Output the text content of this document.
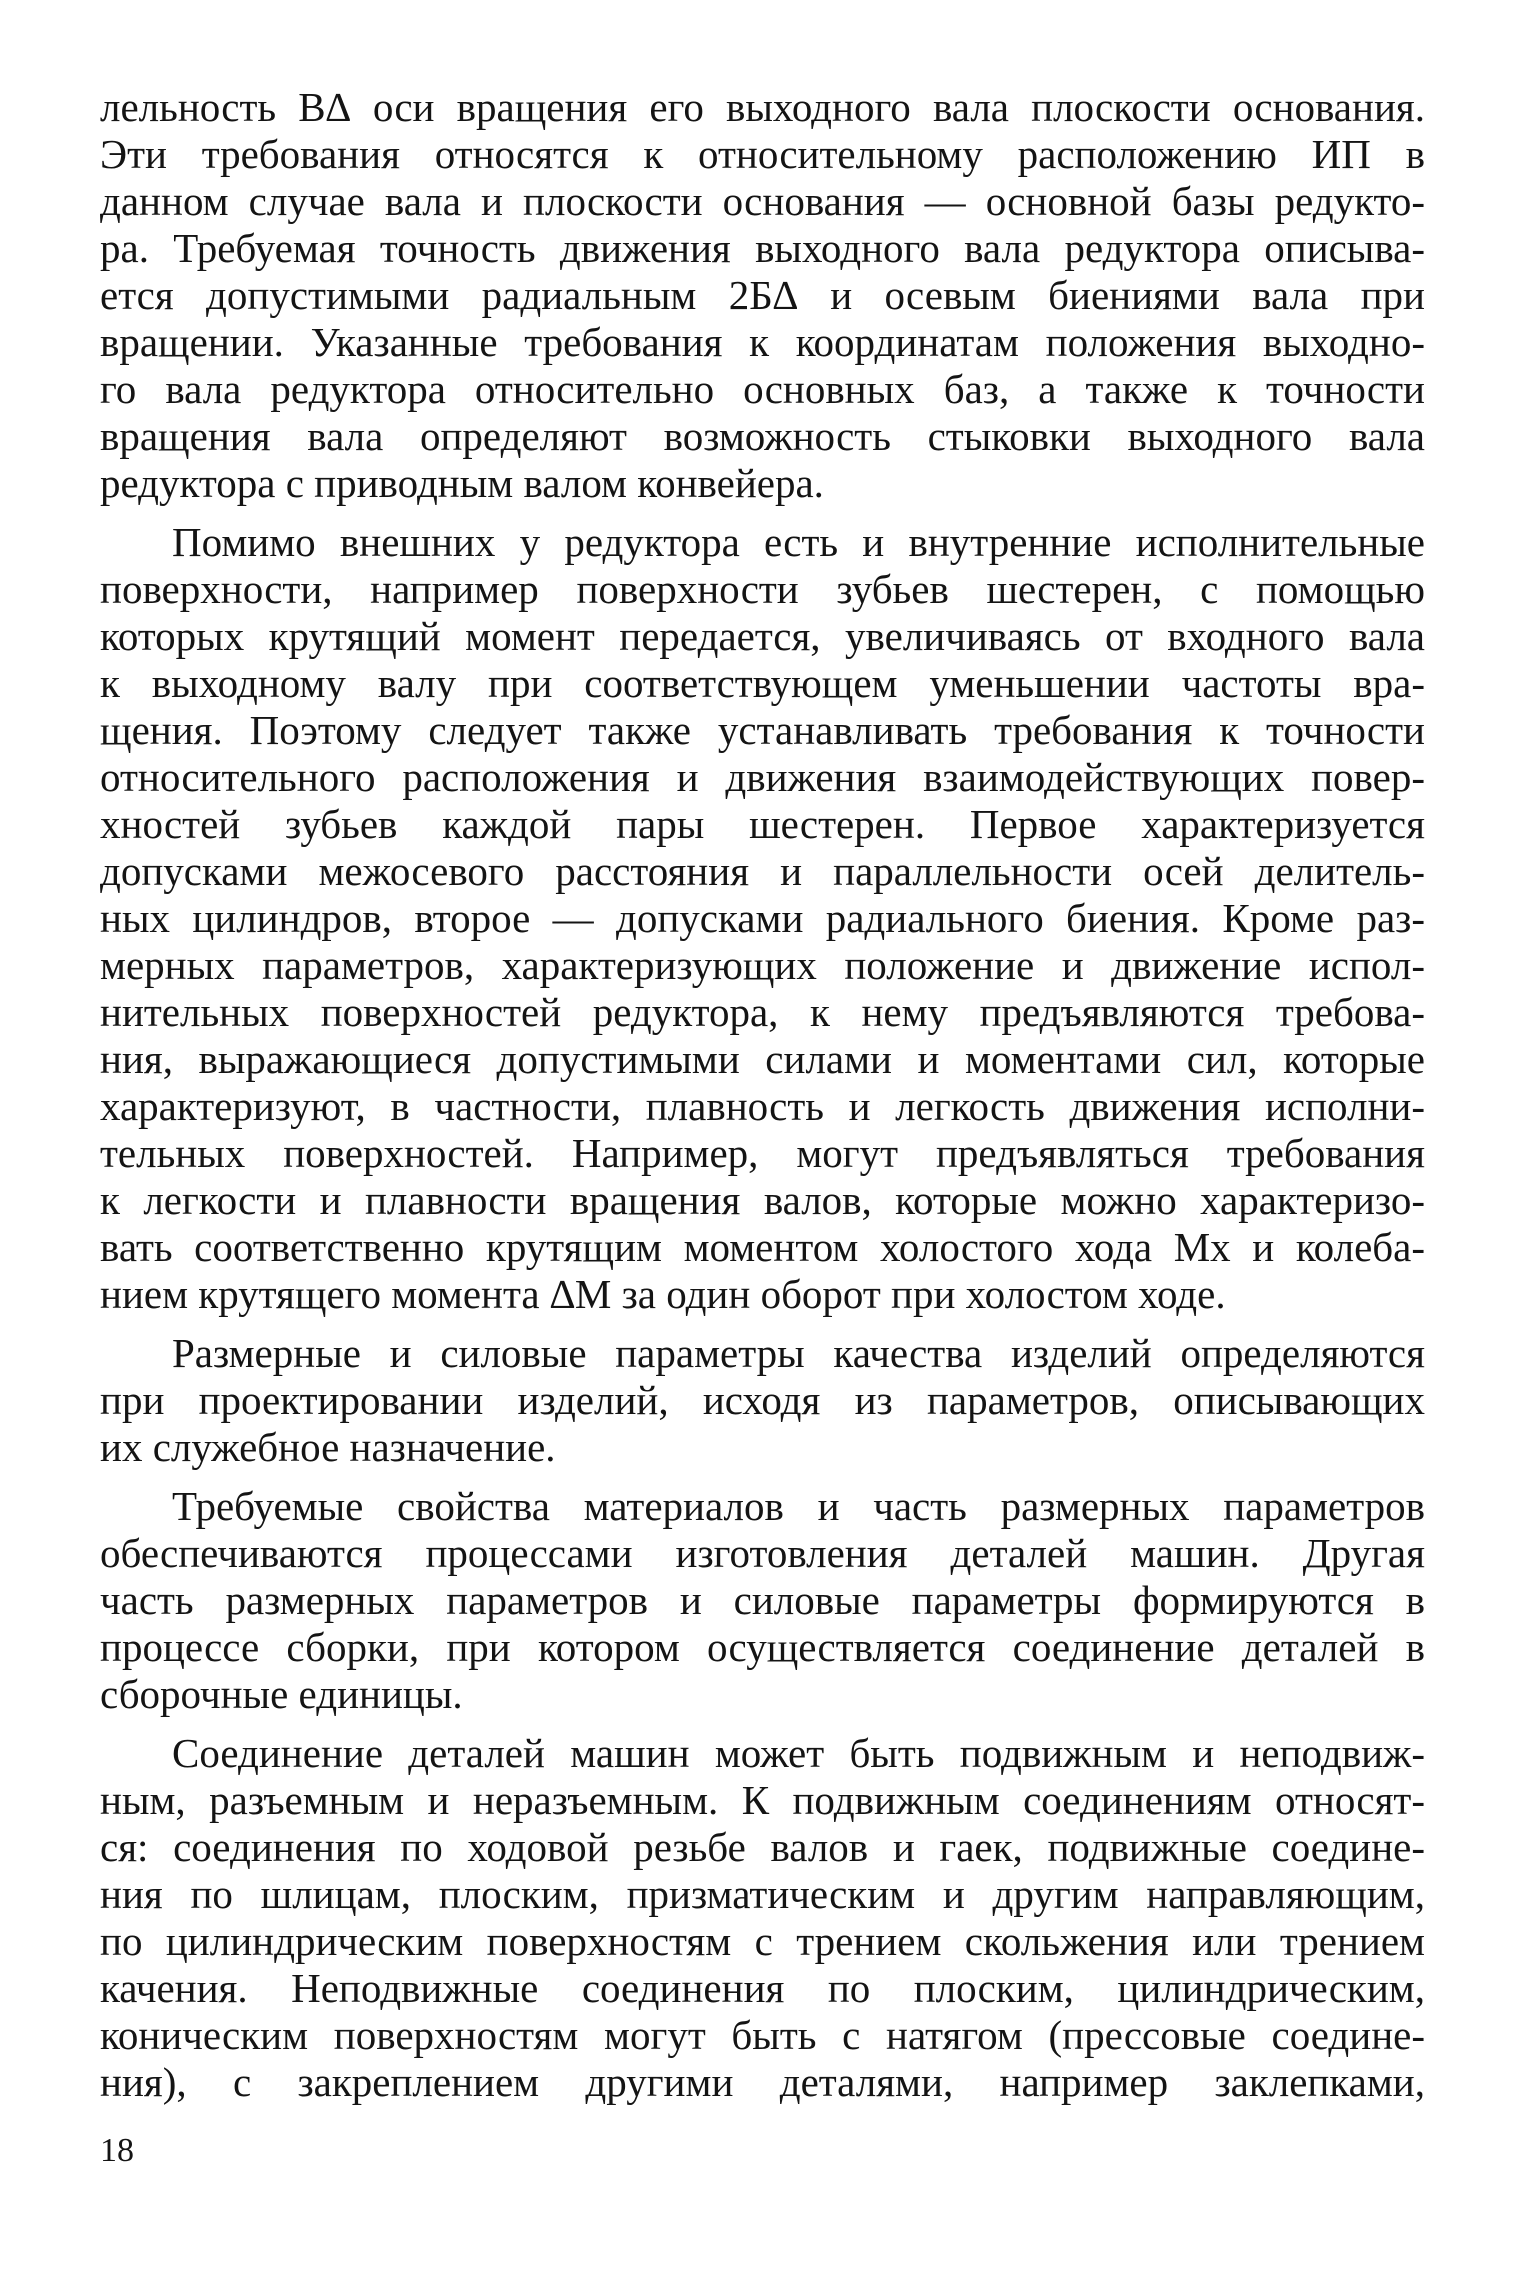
лельность В∆ оси вращения его выходного вала плоскости основания.
Эти требования относятся к относительному расположению ИП в
данном случае вала и плоскости основания — основной базы редукто-
ра. Требуемая точность движения выходного вала редуктора описыва-
ется допустимыми радиальным 2Б∆ и осевым биениями вала при
вращении. Указанные требования к координатам положения выходно-
го вала редуктора относительно основных баз, а также к точности
вращения вала определяют возможность стыковки выходного вала
редуктора с приводным валом конвейера.
Помимо внешних у редуктора есть и внутренние исполнительные
поверхности, например поверхности зубьев шестерен, с помощью
которых крутящий момент передается, увеличиваясь от входного вала
к выходному валу при соответствующем уменьшении частоты вра-
щения. Поэтому следует также устанавливать требования к точности
относительного расположения и движения взаимодействующих повер-
хностей зубьев каждой пары шестерен. Первое характеризуется
допусками межосевого расстояния и параллельности осей делитель-
ных цилиндров, второе — допусками радиального биения. Кроме раз-
мерных параметров, характеризующих положение и движение испол-
нительных поверхностей редуктора, к нему предъявляются требова-
ния, выражающиеся допустимыми силами и моментами сил, которые
характеризуют, в частности, плавность и легкость движения исполни-
тельных поверхностей. Например, могут предъявляться требования
к легкости и плавности вращения валов, которые можно характеризо-
вать соответственно крутящим моментом холостого хода Мx и колеба-
нием крутящего момента ∆М за один оборот при холостом ходе.
Размерные и силовые параметры качества изделий определяются
при проектировании изделий, исходя из параметров, описывающих
их служебное назначение.
Требуемые свойства материалов и часть размерных параметров
обеспечиваются процессами изготовления деталей машин. Другая
часть размерных параметров и силовые параметры формируются в
процессе сборки, при котором осуществляется соединение деталей в
сборочные единицы.
Соединение деталей машин может быть подвижным и неподвиж-
ным, разъемным и неразъемным. К подвижным соединениям относят-
ся: соединения по ходовой резьбе валов и гаек, подвижные соедине-
ния по шлицам, плоским, призматическим и другим направляющим,
по цилиндрическим поверхностям с трением скольжения или трением
качения. Неподвижные соединения по плоским, цилиндрическим,
коническим поверхностям могут быть с натягом (прессовые соедине-
ния), с закреплением другими деталями, например заклепками,
18
